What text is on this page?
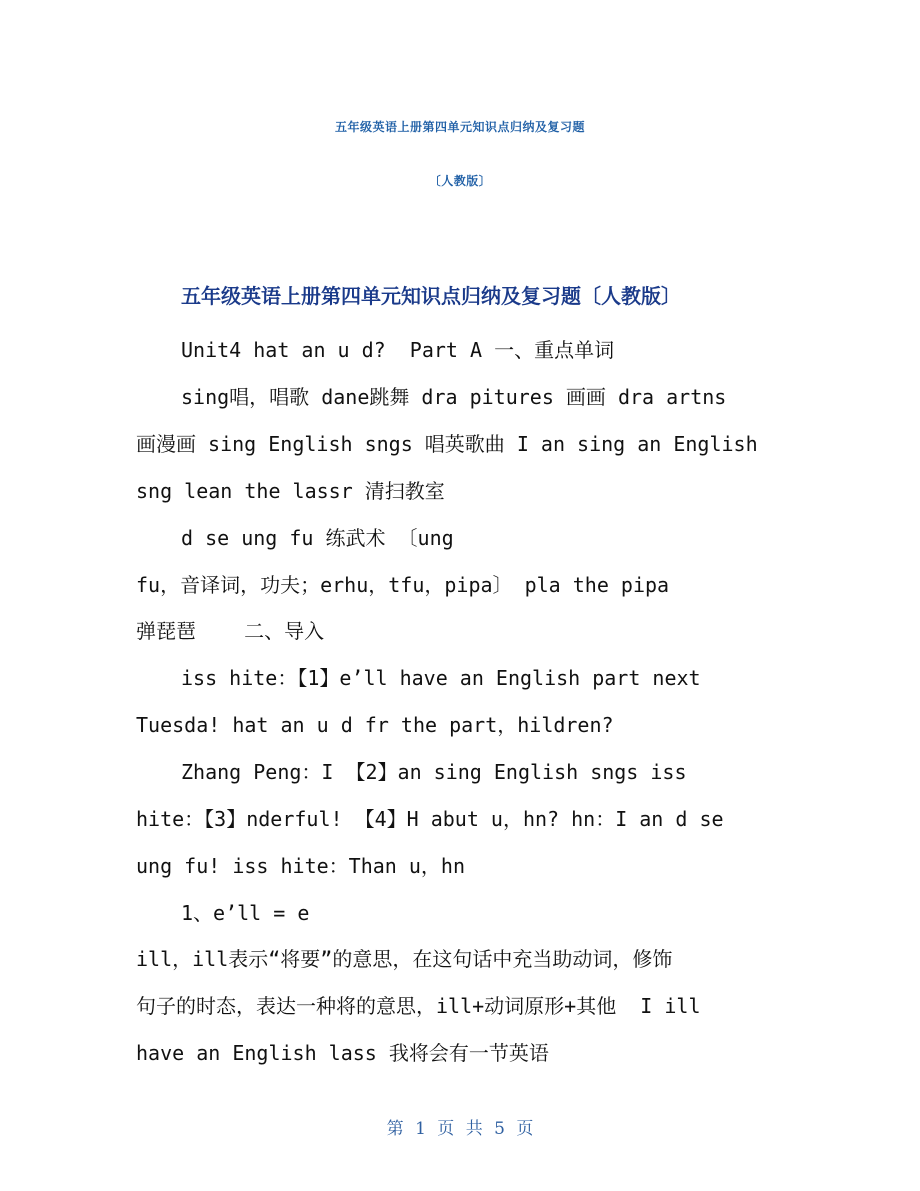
五年级英语上册第四单元知识点归纳及复习题
〔人教版〕
五年级英语上册第四单元知识点归纳及复习题〔人教版〕
Unit4 hat an u d?  Part A 一、重点单词
sing唱，唱歌 dane跳舞 dra pitures 画画 dra artns
画漫画 sing English sngs 唱英歌曲 I an sing an English
sng lean the lassr 清扫教室
d se ung fu 练武术 〔ung
fu，音译词，功夫；erhu，tfu，pipa〕 pla the pipa
弹琵琶    二、导入
iss hite：【1】e’ll have an English part next
Tuesda! hat an u d fr the part，hildren?
Zhang Peng：I 【2】an sing English sngs iss
hite：【3】nderful! 【4】H abut u，hn? hn：I an d se
ung fu! iss hite：Than u，hn
1、e’ll = e
ill，ill表示“将要”的意思，在这句话中充当助动词，修饰
句子的时态，表达一种将的意思，ill+动词原形+其他  I ill
have an English lass 我将会有一节英语
第 1 页 共 5 页
